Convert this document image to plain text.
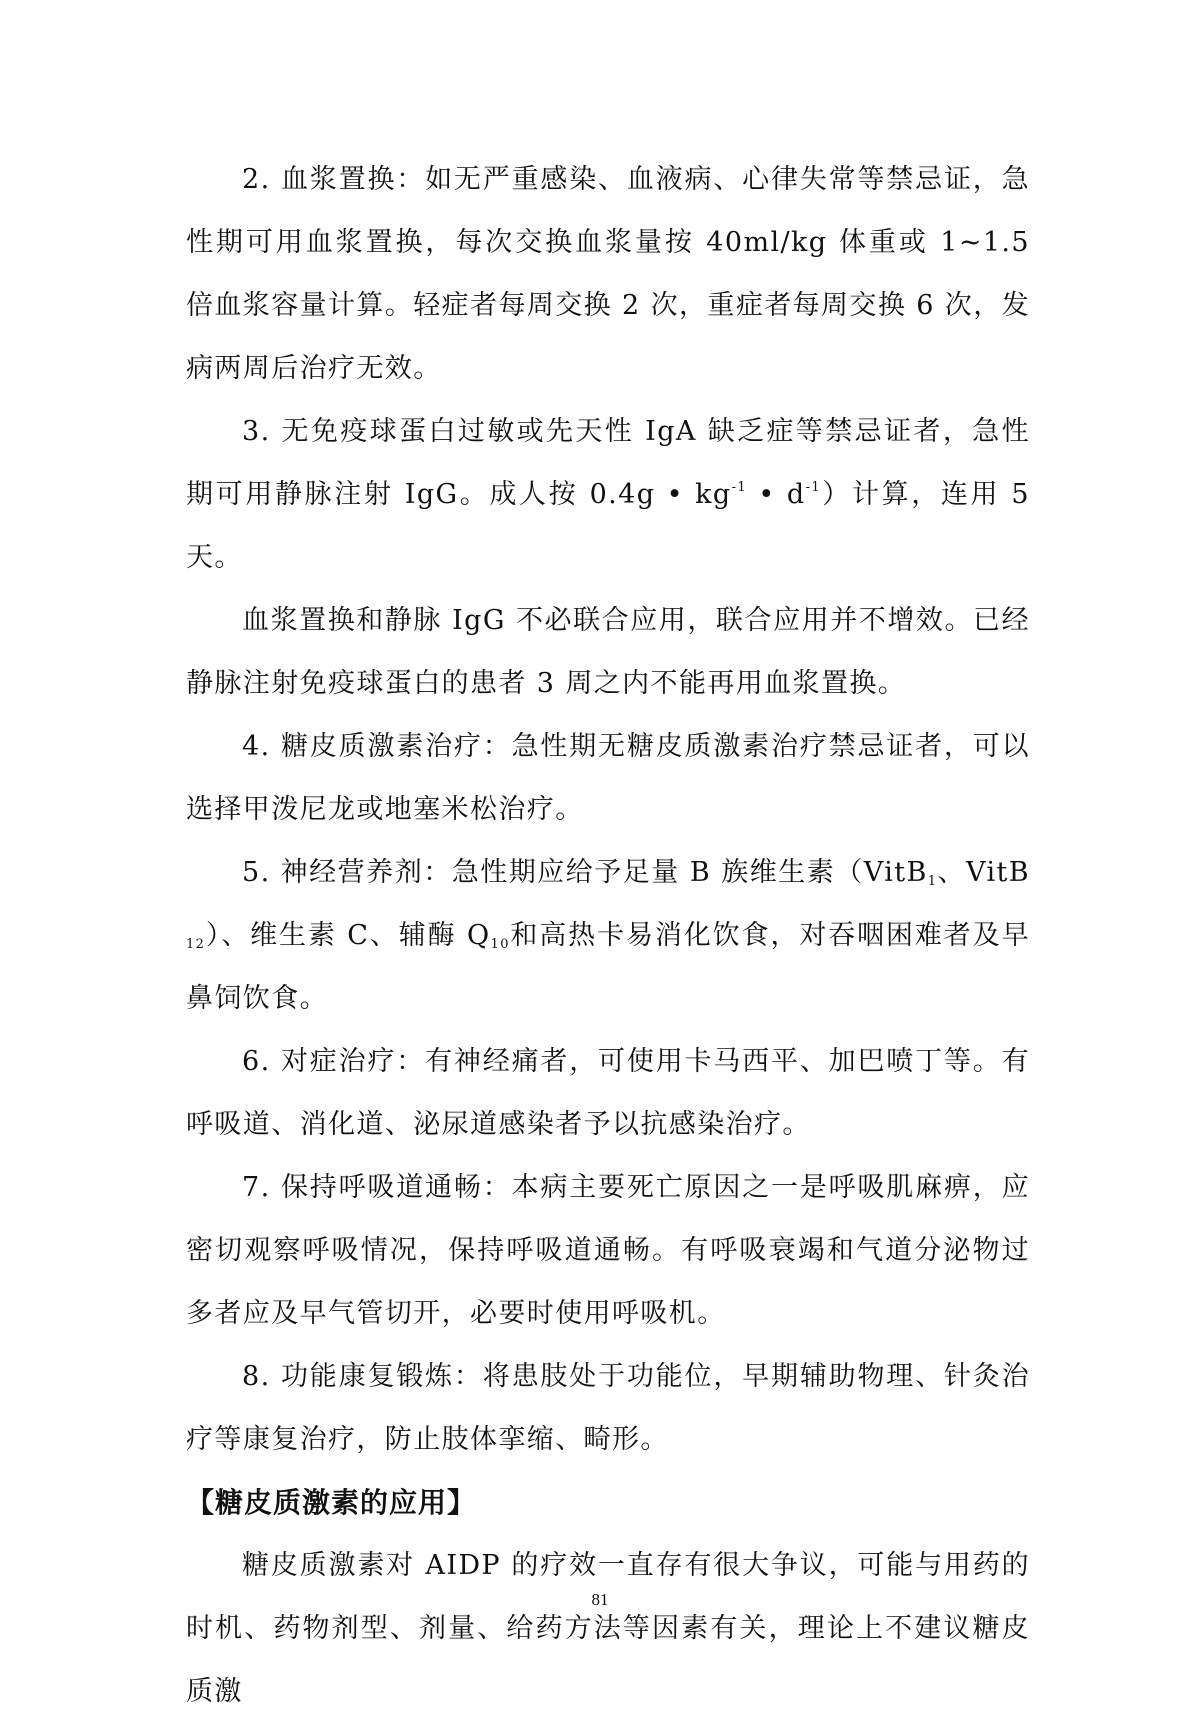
2. 血浆置换：如无严重感染、血液病、心律失常等禁忌证，急性期可用血浆置换，每次交换血浆量按 40ml/kg 体重或 1~1.5 倍血浆容量计算。轻症者每周交换 2 次，重症者每周交换 6 次，发病两周后治疗无效。

3. 无免疫球蛋白过敏或先天性 IgA 缺乏症等禁忌证者，急性期可用静脉注射 IgG。成人按 0.4g • $kg^{-1}$ • $d^{-1}$）计算，连用 5 天。

血浆置换和静脉 IgG 不必联合应用，联合应用并不增效。已经静脉注射免疫球蛋白的患者 3 周之内不能再用血浆置换。

4. 糖皮质激素治疗：急性期无糖皮质激素治疗禁忌证者，可以选择甲泼尼龙或地塞米松治疗。

5. 神经营养剂：急性期应给予足量 B 族维生素（VitB$_1$、VitB$_{12}$）、维生素 C、辅酶 $Q_{10}$和高热卡易消化饮食，对吞咽困难者及早鼻饲饮食。

6. 对症治疗：有神经痛者，可使用卡马西平、加巴喷丁等。有呼吸道、消化道、泌尿道感染者予以抗感染治疗。

7. 保持呼吸道通畅：本病主要死亡原因之一是呼吸肌麻痹，应密切观察呼吸情况，保持呼吸道通畅。有呼吸衰竭和气道分泌物过多者应及早气管切开，必要时使用呼吸机。

8. 功能康复锻炼：将患肢处于功能位，早期辅助物理、针灸治疗等康复治疗，防止肢体挛缩、畸形。

【糖皮质激素的应用】

糖皮质激素对 AIDP 的疗效一直存有很大争议，可能与用药的时机、药物剂型、剂量、给药方法等因素有关，理论上不建议糖皮质激

81
